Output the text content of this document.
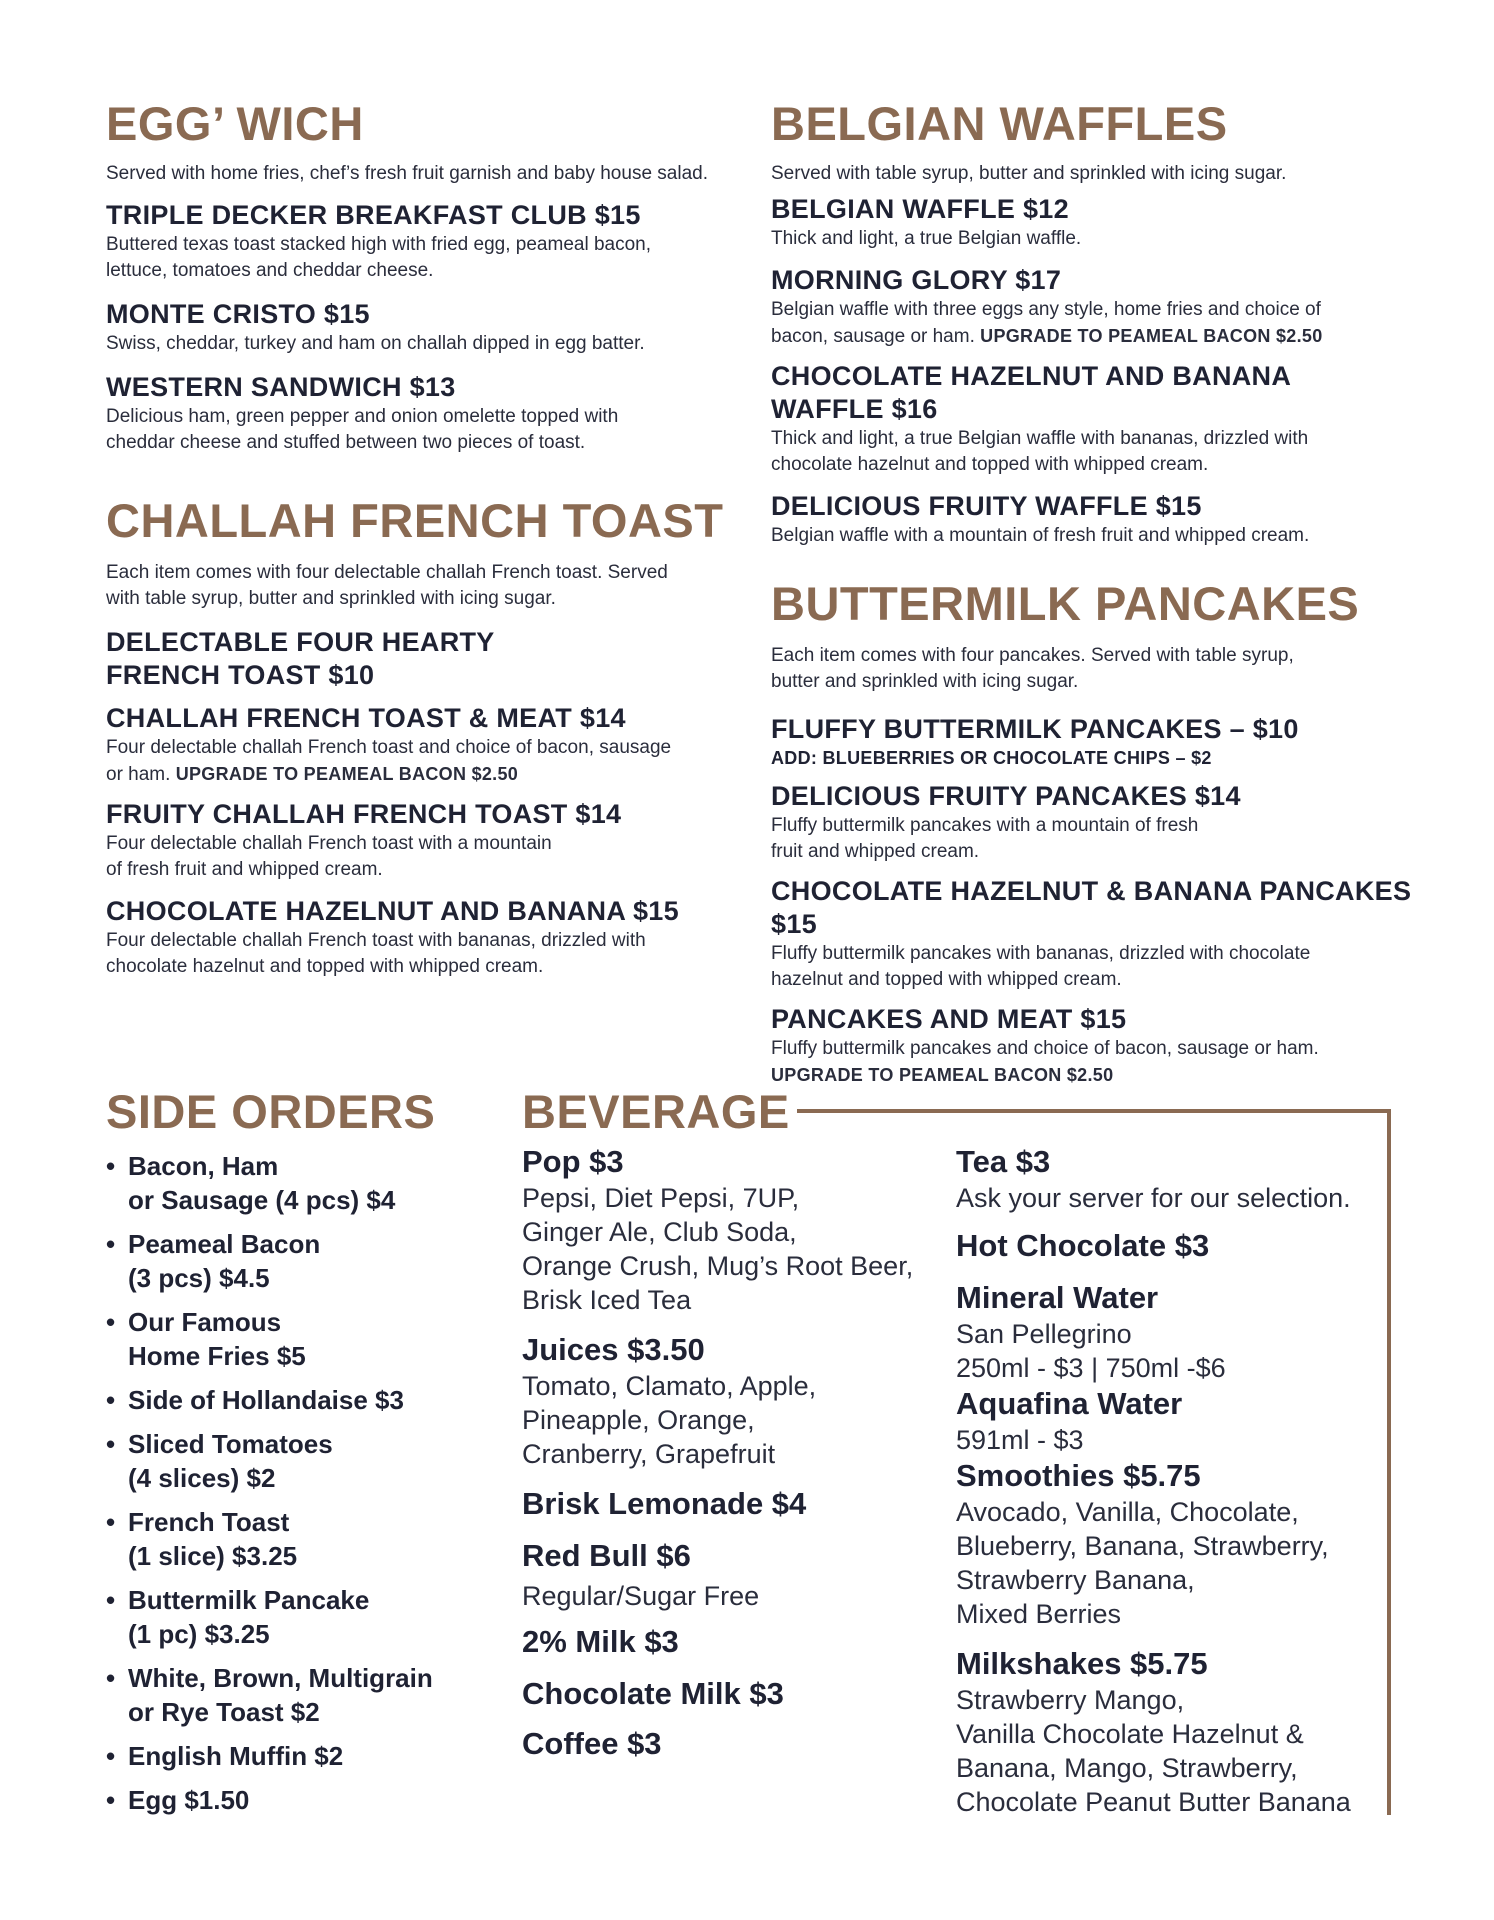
EGG’ WICH

Served with home fries, chef’s fresh fruit garnish and baby house salad.

TRIPLE DECKER BREAKFAST CLUB $15

Buttered texas toast stacked high with fried egg, peameal bacon,

lettuce, tomatoes and cheddar cheese.

MONTE CRISTO $15

Swiss, cheddar, turkey and ham on challah dipped in egg batter.

WESTERN SANDWICH $13

Delicious ham, green pepper and onion omelette topped with

cheddar cheese and stuffed between two pieces of toast.

CHALLAH FRENCH TOAST

Each item comes with four delectable challah French toast. Served

with table syrup, butter and sprinkled with icing sugar.

DELECTABLE FOUR HEARTY

FRENCH TOAST $10

CHALLAH FRENCH TOAST & MEAT $14

Four delectable challah French toast and choice of bacon, sausage

or ham. UPGRADE TO PEAMEAL BACON $2.50

FRUITY CHALLAH FRENCH TOAST $14

Four delectable challah French toast with a mountain

of fresh fruit and whipped cream.

CHOCOLATE HAZELNUT AND BANANA $15

Four delectable challah French toast with bananas, drizzled with

chocolate hazelnut and topped with whipped cream.

BELGIAN WAFFLES

Served with table syrup, butter and sprinkled with icing sugar.

BELGIAN WAFFLE $12

Thick and light, a true Belgian waffle.

MORNING GLORY $17

Belgian waffle with three eggs any style, home fries and choice of

bacon, sausage or ham. UPGRADE TO PEAMEAL BACON $2.50

CHOCOLATE HAZELNUT AND BANANA

WAFFLE $16

Thick and light, a true Belgian waffle with bananas, drizzled with

chocolate hazelnut and topped with whipped cream.

DELICIOUS FRUITY WAFFLE $15

Belgian waffle with a mountain of fresh fruit and whipped cream.

BUTTERMILK PANCAKES

Each item comes with four pancakes. Served with table syrup,

butter and sprinkled with icing sugar.

FLUFFY BUTTERMILK PANCAKES – $10

ADD: BLUEBERRIES OR CHOCOLATE CHIPS – $2

DELICIOUS FRUITY PANCAKES $14

Fluffy buttermilk pancakes with a mountain of fresh

fruit and whipped cream.

CHOCOLATE HAZELNUT & BANANA PANCAKES $15

Fluffy buttermilk pancakes with bananas, drizzled with chocolate

hazelnut and topped with whipped cream.

PANCAKES AND MEAT $15

Fluffy buttermilk pancakes and choice of bacon, sausage or ham.

UPGRADE TO PEAMEAL BACON $2.50

SIDE ORDERS
• Bacon, Ham
or Sausage (4 pcs) $4
• Peameal Bacon
(3 pcs) $4.5
• Our Famous
Home Fries $5
• Side of Hollandaise $3
• Sliced Tomatoes
(4 slices) $2
• French Toast
(1 slice) $3.25
• Buttermilk Pancake
(1 pc) $3.25
• White, Brown, Multigrain
or Rye Toast $2
• English Muffin $2
• Egg $1.50
BEVERAGE

Pop $3

Pepsi, Diet Pepsi, 7UP,

Ginger Ale, Club Soda,

Orange Crush, Mug’s Root Beer,

Brisk Iced Tea

Juices $3.50

Tomato, Clamato, Apple,

Pineapple, Orange,

Cranberry, Grapefruit

Brisk Lemonade $4

Red Bull $6

Regular/Sugar Free

2% Milk $3

Chocolate Milk $3

Coffee $3

Tea $3

Ask your server for our selection.

Hot Chocolate $3

Mineral Water

San Pellegrino

250ml - $3 | 750ml -$6

Aquafina Water

591ml - $3

Smoothies $5.75

Avocado, Vanilla, Chocolate,

Blueberry, Banana, Strawberry,

Strawberry Banana,

Mixed Berries

Milkshakes $5.75

Strawberry Mango,

Vanilla Chocolate Hazelnut &

Banana, Mango, Strawberry,

Chocolate Peanut Butter Banana
